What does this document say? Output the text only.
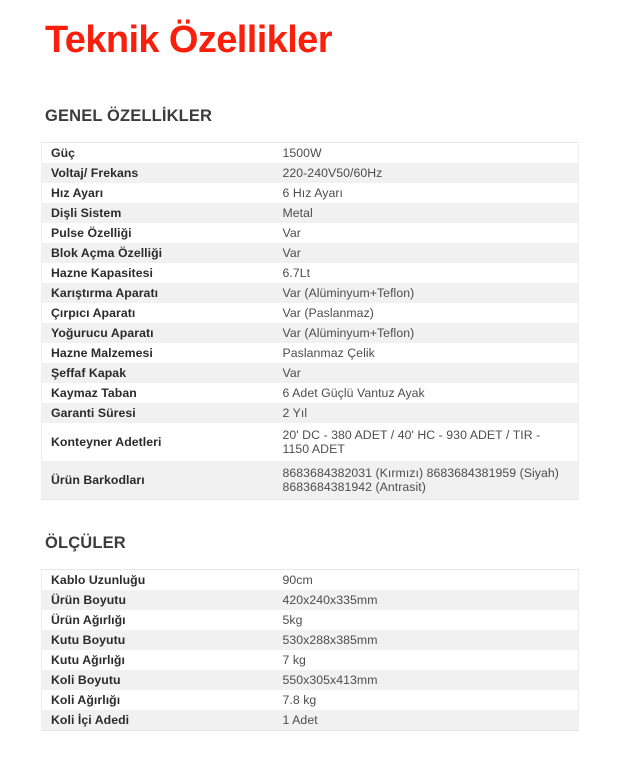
Teknik Özellikler
GENEL ÖZELLİKLER
Güç	1500W
Voltaj/ Frekans	220-240V50/60Hz
Hız Ayarı	6 Hız Ayarı
Dişli Sistem	Metal
Pulse Özelliği	Var
Blok Açma Özelliği	Var
Hazne Kapasitesi	6.7Lt
Karıştırma Aparatı	Var (Alüminyum+Teflon)
Çırpıcı Aparatı	Var (Paslanmaz)
Yoğurucu Aparatı	Var (Alüminyum+Teflon)
Hazne Malzemesi	Paslanmaz Çelik
Şeffaf Kapak	Var
Kaymaz Taban	6 Adet Güçlü Vantuz Ayak
Garanti Süresi	2 Yıl
Konteyner Adetleri	20' DC - 380 ADET / 40' HC - 930 ADET / TIR - 1150 ADET
Ürün Barkodları	8683684382031 (Kırmızı) 8683684381959 (Siyah) 8683684381942 (Antrasit)
ÖLÇÜLER
Kablo Uzunluğu	90cm
Ürün Boyutu	420x240x335mm
Ürün Ağırlığı	5kg
Kutu Boyutu	530x288x385mm
Kutu Ağırlığı	7 kg
Koli Boyutu	550x305x413mm
Koli Ağırlığı	7.8 kg
Koli İçi Adedi	1 Adet
